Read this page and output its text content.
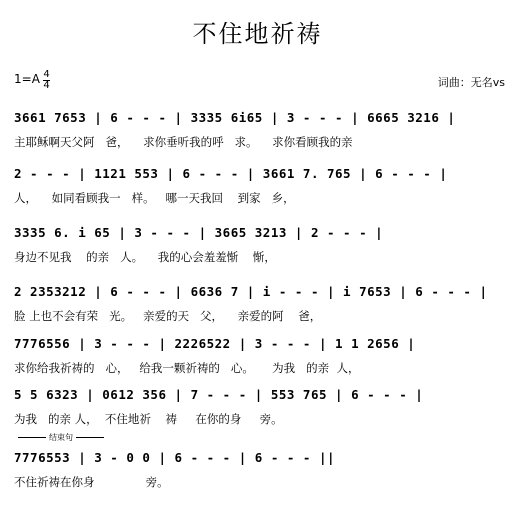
不住地祈祷
1=A 4
4	词曲：无名vs
3661 7653 | 6 - - - | 3335 6i65 | 3 - - - | 6665 3216 |
主耶稣啊天父阿   爸，    求你垂听我的呼   求。    求你看顾我的亲
2 - - - | 1121 553 | 6 - - - | 3661 7. 765 | 6 - - - |
人，    如同看顾我一   样。   哪一天我回    到家   乡，
3335 6. i 65 | 3 - - - | 3665 3213 | 2 - - - |
身边不见我    的亲   人。    我的心会羞羞惭    惭，
2 2353212 | 6 - - - | 6636 7 | i - - - | i 7653 | 6 - - - |
脸 上也不会有荣   光。   亲爱的天   父，    亲爱的阿    爸，
7776556 | 3 - - - | 2226522 | 3 - - - | 1 1 2656 |
求你给我祈祷的   心，   给我一颗祈祷的   心。     为我   的亲  人，
5 5 6323 | 0612 356 | 7 - - - | 553 765 | 6 - - - |
为我   的亲 人，  不住地祈    祷     在你的身     旁。
结束句
7776553 | 3 - 0 0 | 6 - - - | 6 - - - ||
不住祈祷在你身              旁。
